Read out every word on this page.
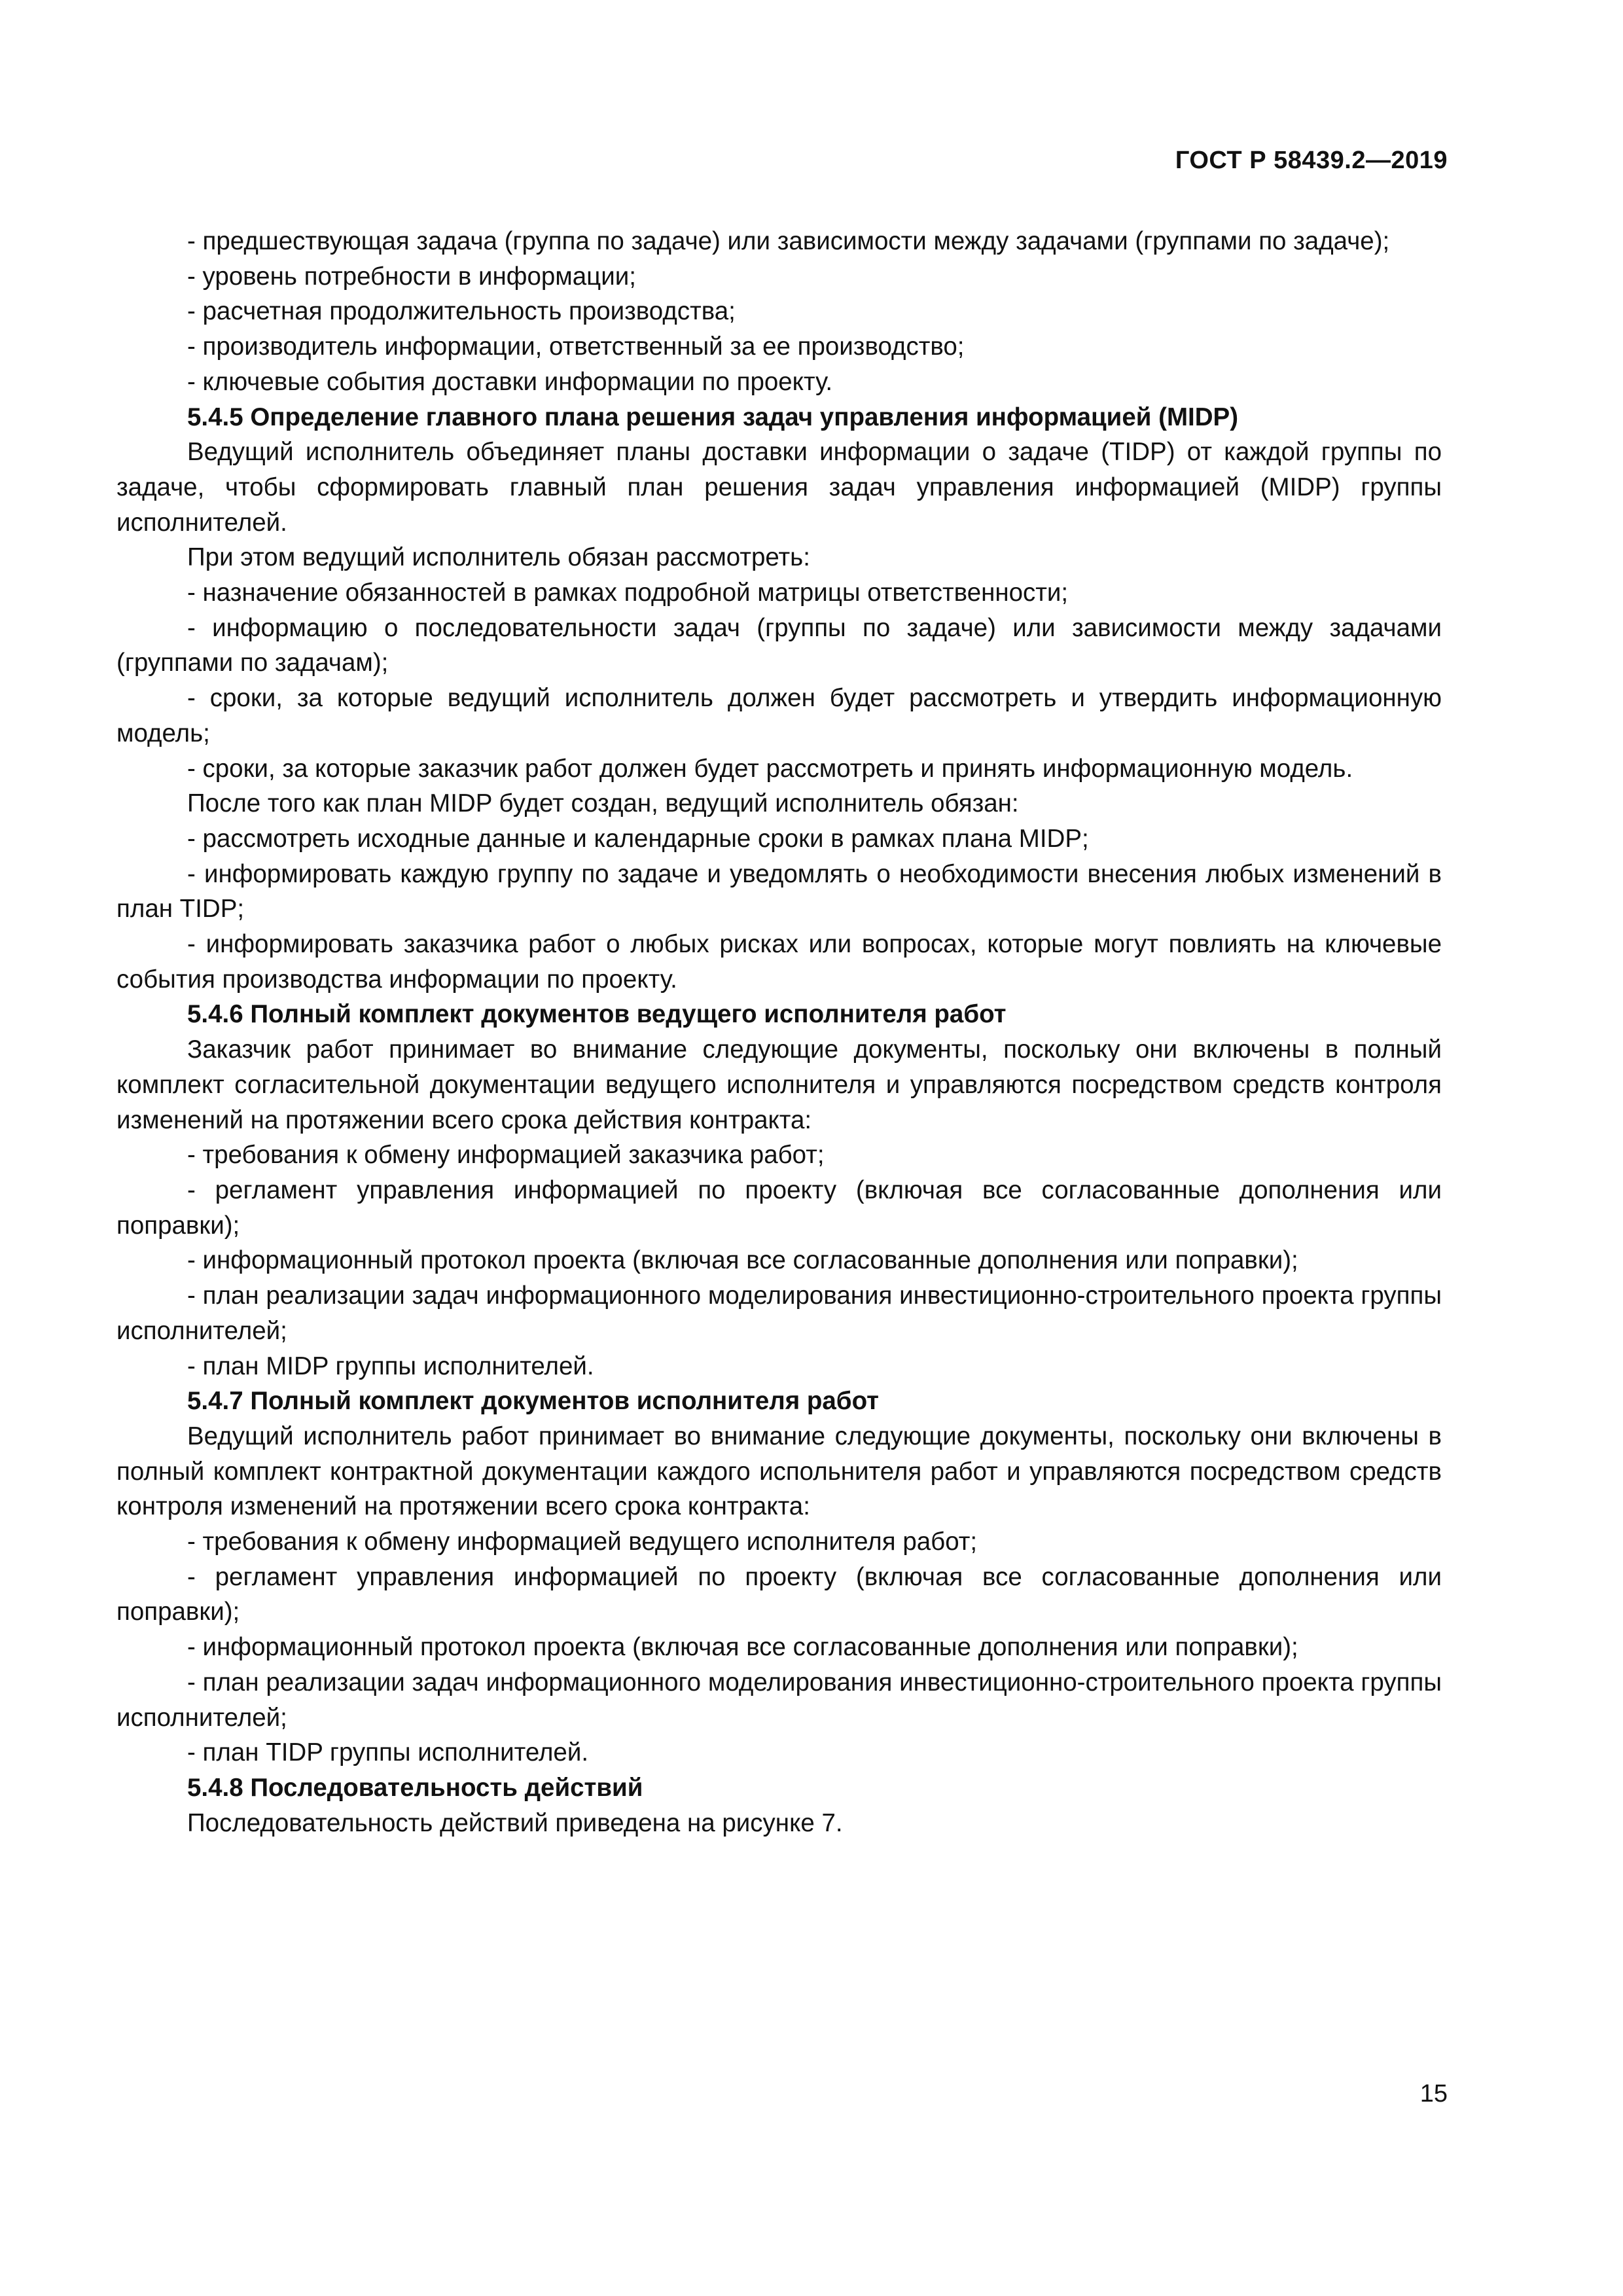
ГОСТ Р 58439.2—2019

- предшествующая задача (группа по задаче) или зависимости между задачами (группами по задаче);

- уровень потребности в информации;

- расчетная продолжительность производства;

- производитель информации, ответственный за ее производство;

- ключевые события доставки информации по проекту.

5.4.5 Определение главного плана решения задач управления информацией (MIDP)

Ведущий исполнитель объединяет планы доставки информации о задаче (TIDP) от каждой группы по задаче, чтобы сформировать главный план решения задач управления информацией (MIDP) группы исполнителей.

При этом ведущий исполнитель обязан рассмотреть:

- назначение обязанностей в рамках подробной матрицы ответственности;

- информацию о последовательности задач (группы по задаче) или зависимости между задачами (группами по задачам);

- сроки, за которые ведущий исполнитель должен будет рассмотреть и утвердить информационную модель;

- сроки, за которые заказчик работ должен будет рассмотреть и принять информационную модель.

После того как план MIDP будет создан, ведущий исполнитель обязан:

- рассмотреть исходные данные и календарные сроки в рамках плана MIDP;

- информировать каждую группу по задаче и уведомлять о необходимости внесения любых изменений в план TIDP;

- информировать заказчика работ о любых рисках или вопросах, которые могут повлиять на ключевые события производства информации по проекту.

5.4.6 Полный комплект документов ведущего исполнителя работ

Заказчик работ принимает во внимание следующие документы, поскольку они включены в полный комплект согласительной документации ведущего исполнителя и управляются посредством средств контроля изменений на протяжении всего срока действия контракта:

- требования к обмену информацией заказчика работ;

- регламент управления информацией по проекту (включая все согласованные дополнения или поправки);

- информационный протокол проекта (включая все согласованные дополнения или поправки);

- план реализации задач информационного моделирования инвестиционно-строительного проекта группы исполнителей;

- план MIDP группы исполнителей.

5.4.7 Полный комплект документов исполнителя работ

Ведущий исполнитель работ принимает во внимание следующие документы, поскольку они включены в полный комплект контрактной документации каждого испольнителя работ и управляются посредством средств контроля изменений на протяжении всего срока контракта:

- требования к обмену информацией ведущего исполнителя работ;

- регламент управления информацией по проекту (включая все согласованные дополнения или поправки);

- информационный протокол проекта (включая все согласованные дополнения или поправки);

- план реализации задач информационного моделирования инвестиционно-строительного проекта группы исполнителей;

- план TIDP группы исполнителей.

5.4.8 Последовательность действий

Последовательность действий приведена на рисунке 7.

15
